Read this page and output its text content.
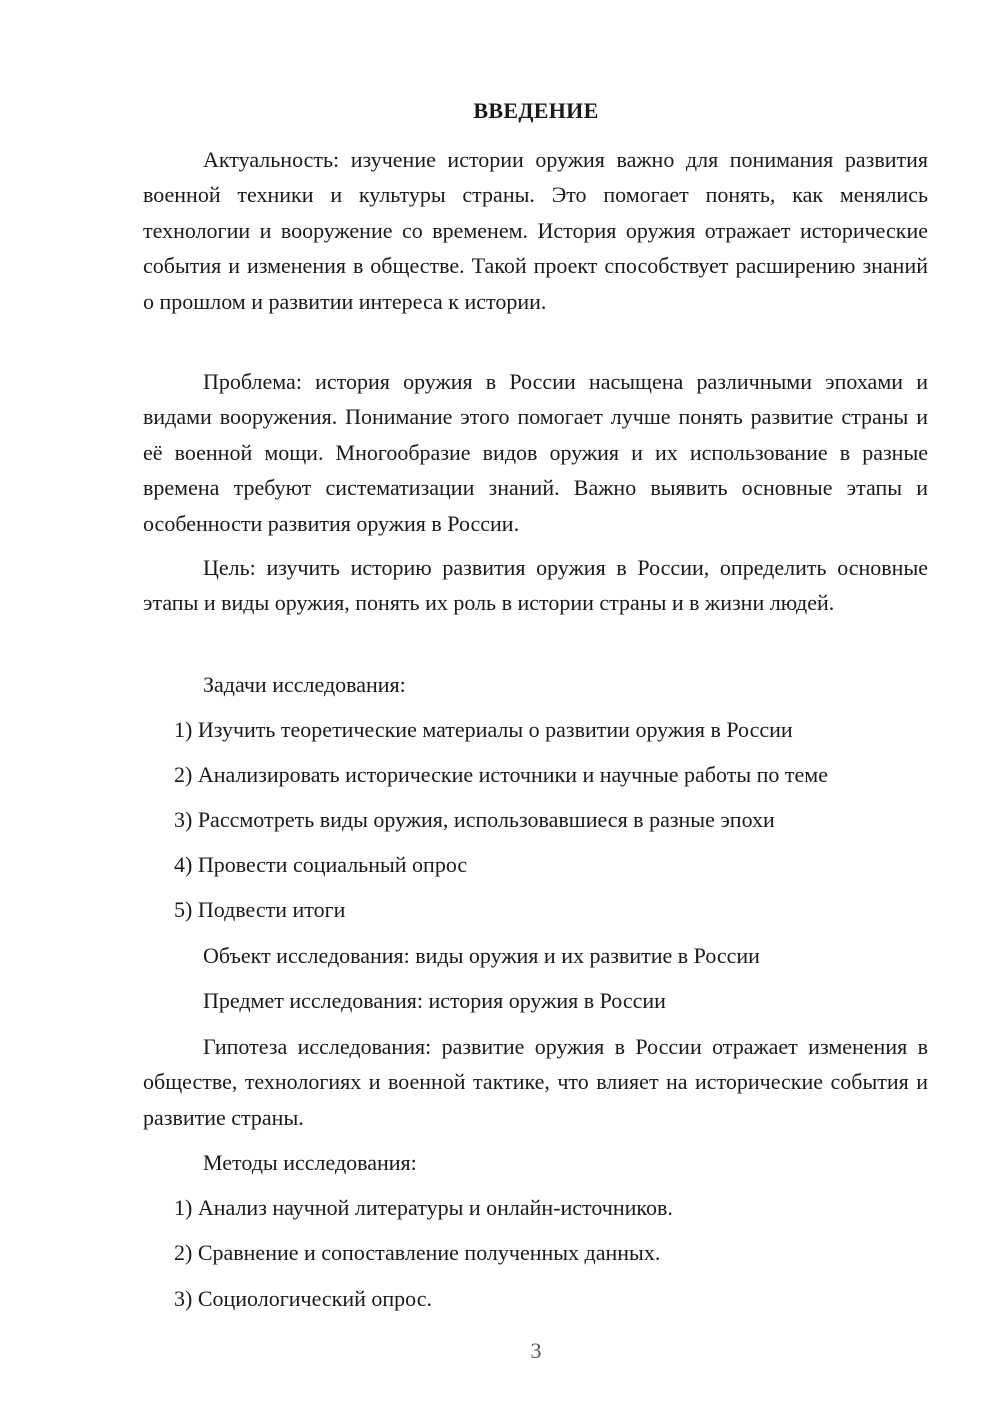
ВВЕДЕНИЕ

Актуальность: изучение истории оружия важно для понимания развития военной техники и культуры страны. Это помогает понять, как менялись технологии и вооружение со временем. История оружия отражает исторические события и изменения в обществе. Такой проект способствует расширению знаний о прошлом и развитии интереса к истории.

Проблема: история оружия в России насыщена различными эпохами и видами вооружения. Понимание этого помогает лучше понять развитие страны и её военной мощи. Многообразие видов оружия и их использование в разные времена требуют систематизации знаний. Важно выявить основные этапы и особенности развития оружия в России.

Цель: изучить историю развития оружия в России, определить основные этапы и виды оружия, понять их роль в истории страны и в жизни людей.

Задачи исследования:

1) Изучить теоретические материалы о развитии оружия в России

2) Анализировать исторические источники и научные работы по теме

3) Рассмотреть виды оружия, использовавшиеся в разные эпохи

4) Провести социальный опрос

5) Подвести итоги

Объект исследования: виды оружия и их развитие в России

Предмет исследования: история оружия в России

Гипотеза исследования: развитие оружия в России отражает изменения в обществе, технологиях и военной тактике, что влияет на исторические события и развитие страны.

Методы исследования:

1) Анализ научной литературы и онлайн-источников.

2) Сравнение и сопоставление полученных данных.

3) Социологический опрос.

3
